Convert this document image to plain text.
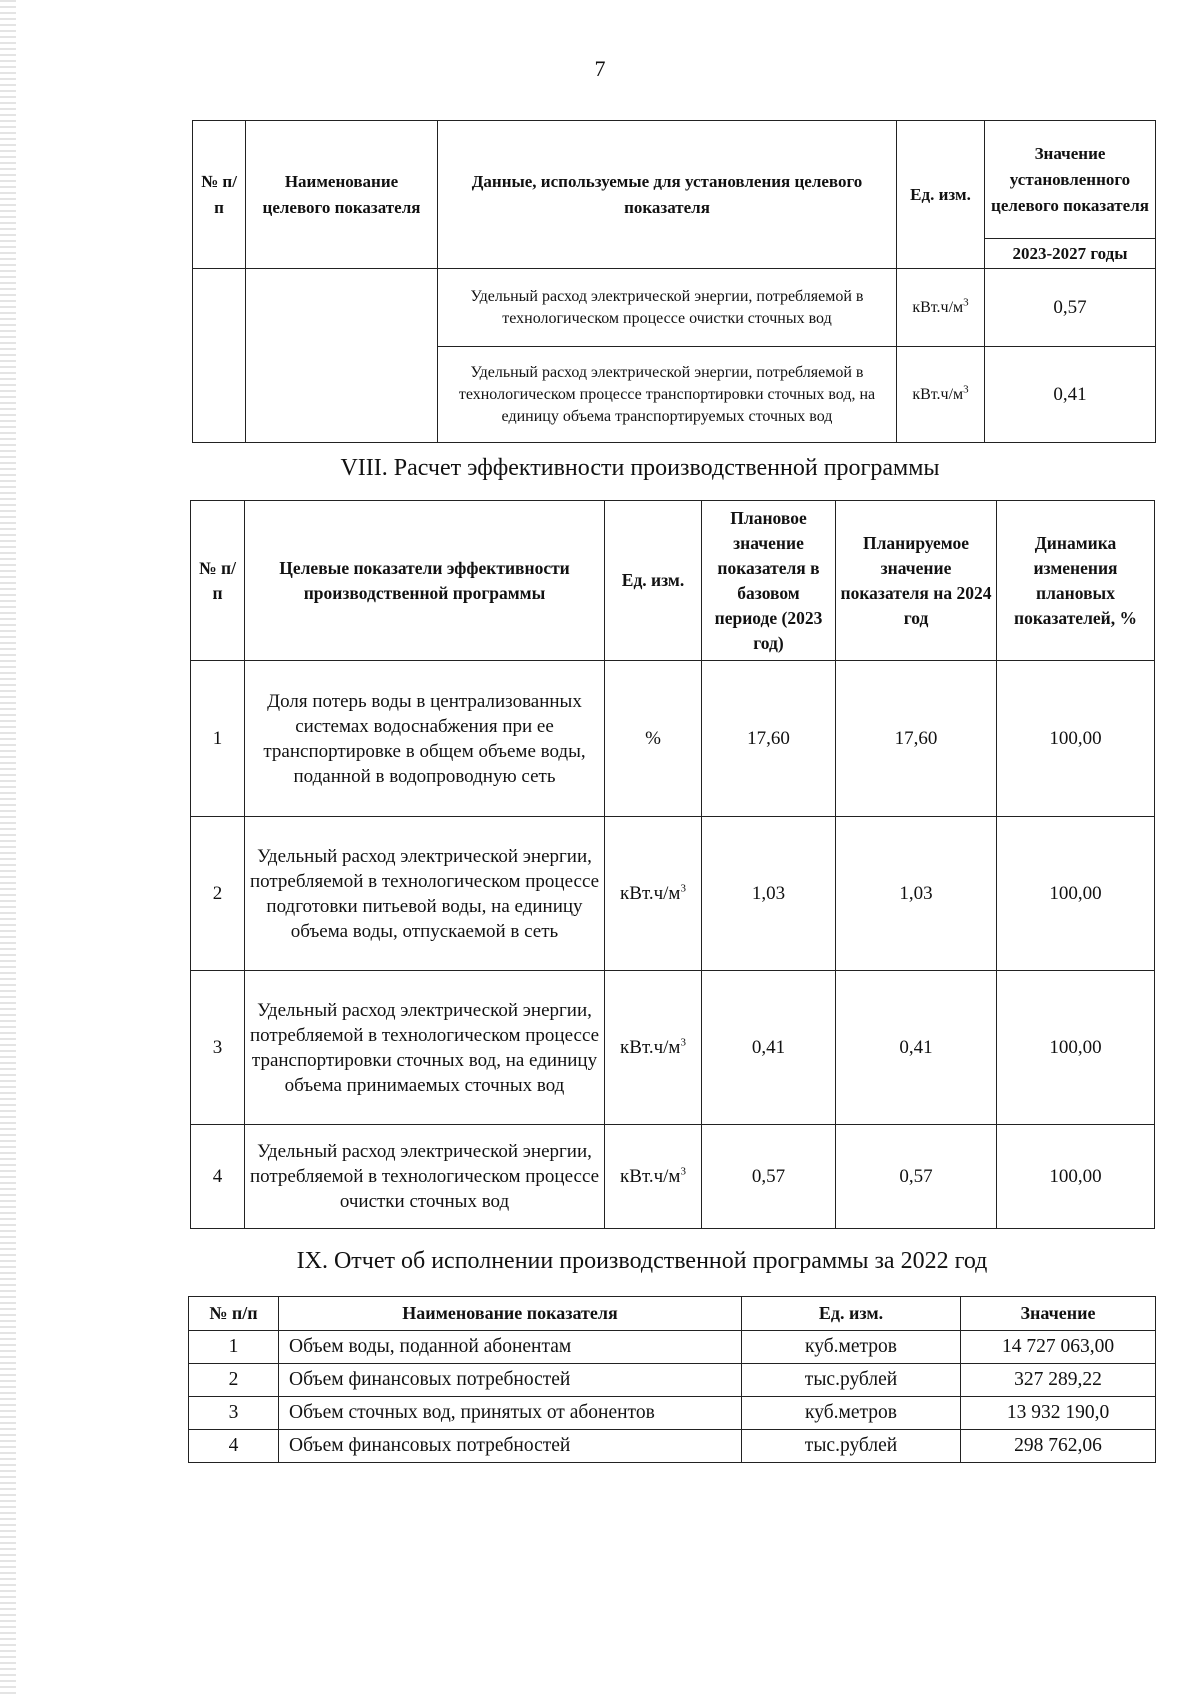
7
№ п/п	Наименование целевого показателя	Данные, используемые для установления целевого показателя	Ед. изм.	Значение установленного целевого показателя
				2023-2027 годы
		Удельный расход электрической энергии, потребляемой в технологическом процессе очистки сточных вод	$кВт.ч/м^3$	0,57
		Удельный расход электрической энергии, потребляемой в технологическом процессе транспортировки сточных вод, на единицу объема транспортируемых сточных вод	$кВт.ч/м^3$	0,41
VIII. Расчет эффективности производственной программы
№ п/п	Целевые показатели эффективности производственной программы	Ед. изм.	Плановое значение показателя в базовом периоде (2023 год)	Планируемое значение показателя на 2024 год	Динамика изменения плановых показателей, %
1	Доля потерь воды в централизованных системах водоснабжения при ее транспортировке в общем объеме воды, поданной в водопроводную сеть	%	17,60	17,60	100,00
2	Удельный расход электрической энергии, потребляемой в технологическом процессе подготовки питьевой воды, на единицу объема воды, отпускаемой в сеть	$кВт.ч/м^3$	1,03	1,03	100,00
3	Удельный расход электрической энергии, потребляемой в технологическом процессе транспортировки сточных вод, на единицу объема принимаемых сточных вод	$кВт.ч/м^3$	0,41	0,41	100,00
4	Удельный расход электрической энергии, потребляемой в технологическом процессе очистки сточных вод	$кВт.ч/м^3$	0,57	0,57	100,00
IX. Отчет об исполнении производственной программы за 2022 год
№ п/п	Наименование показателя	Ед. изм.	Значение
1	Объем воды, поданной абонентам	куб.метров	14 727 063,00
2	Объем финансовых потребностей	тыс.рублей	327 289,22
3	Объем сточных вод, принятых от абонентов	куб.метров	13 932 190,0
4	Объем финансовых потребностей	тыс.рублей	298 762,06
